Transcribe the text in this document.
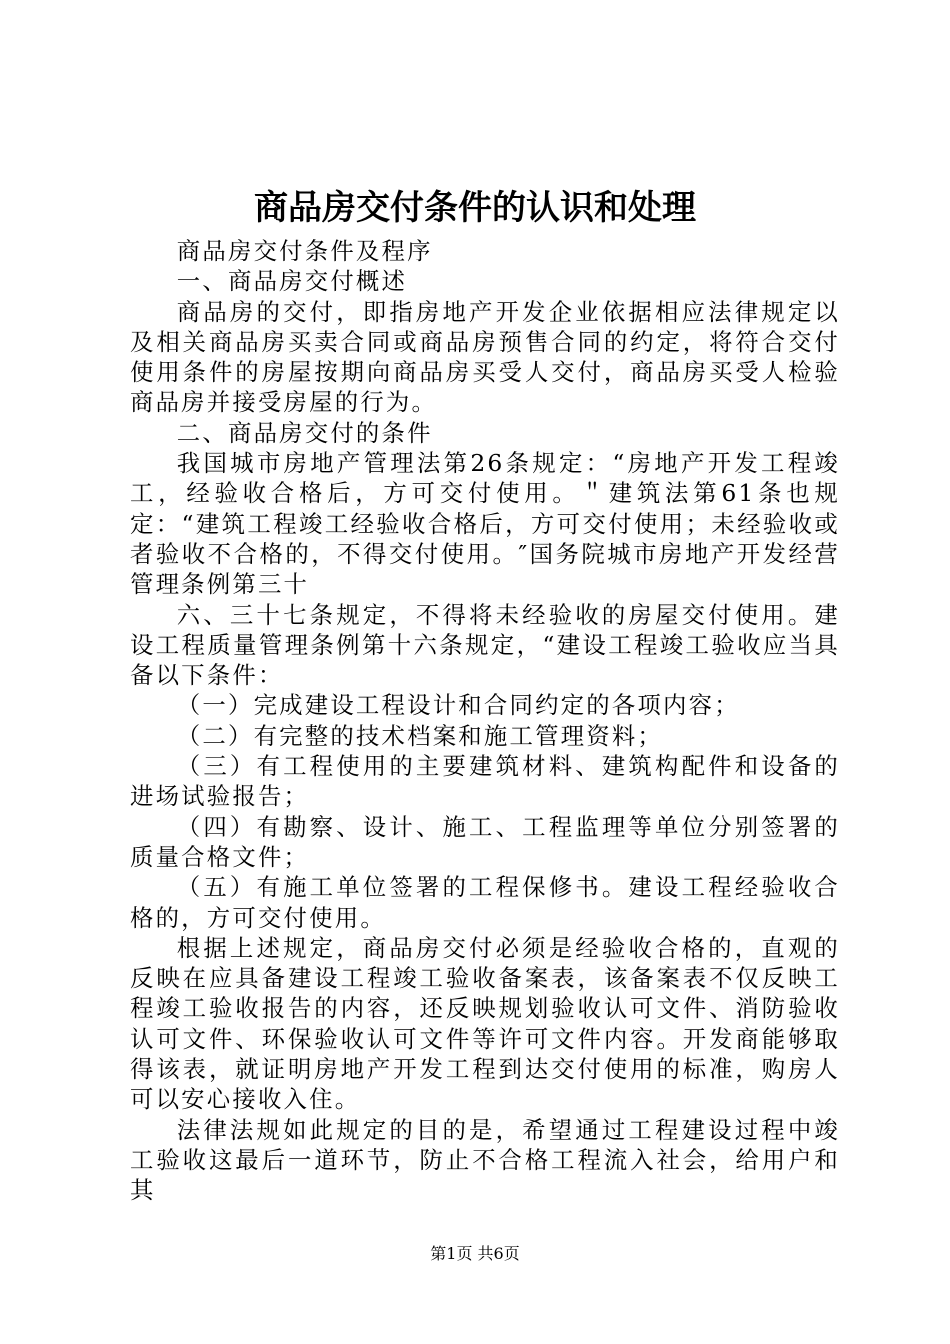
商品房交付条件的认识和处理

商品房交付条件及程序

一、商品房交付概述

商品房的交付，即指房地产开发企业依据相应法律规定以及相关商品房买卖合同或商品房预售合同的约定，将符合交付使用条件的房屋按期向商品房买受人交付，商品房买受人检验商品房并接受房屋的行为。

二、商品房交付的条件

我国城市房地产管理法第26条规定：“房地产开发工程竣工，经验收合格后，方可交付使用。＂建筑法第61条也规定：“建筑工程竣工经验收合格后，方可交付使用；未经验收或者验收不合格的，不得交付使用。″国务院城市房地产开发经营管理条例第三十

六、三十七条规定，不得将未经验收的房屋交付使用。建设工程质量管理条例第十六条规定，“建设工程竣工验收应当具备以下条件：

（一）完成建设工程设计和合同约定的各项内容；

（二）有完整的技术档案和施工管理资料；

（三）有工程使用的主要建筑材料、建筑构配件和设备的进场试验报告；

（四）有勘察、设计、施工、工程监理等单位分别签署的质量合格文件；

（五）有施工单位签署的工程保修书。建设工程经验收合格的，方可交付使用。

根据上述规定，商品房交付必须是经验收合格的，直观的反映在应具备建设工程竣工验收备案表，该备案表不仅反映工程竣工验收报告的内容，还反映规划验收认可文件、消防验收认可文件、环保验收认可文件等许可文件内容。开发商能够取得该表，就证明房地产开发工程到达交付使用的标准，购房人可以安心接收入住。

法律法规如此规定的目的是，希望通过工程建设过程中竣工验收这最后一道环节，防止不合格工程流入社会，给用户和其

第1页 共6页
